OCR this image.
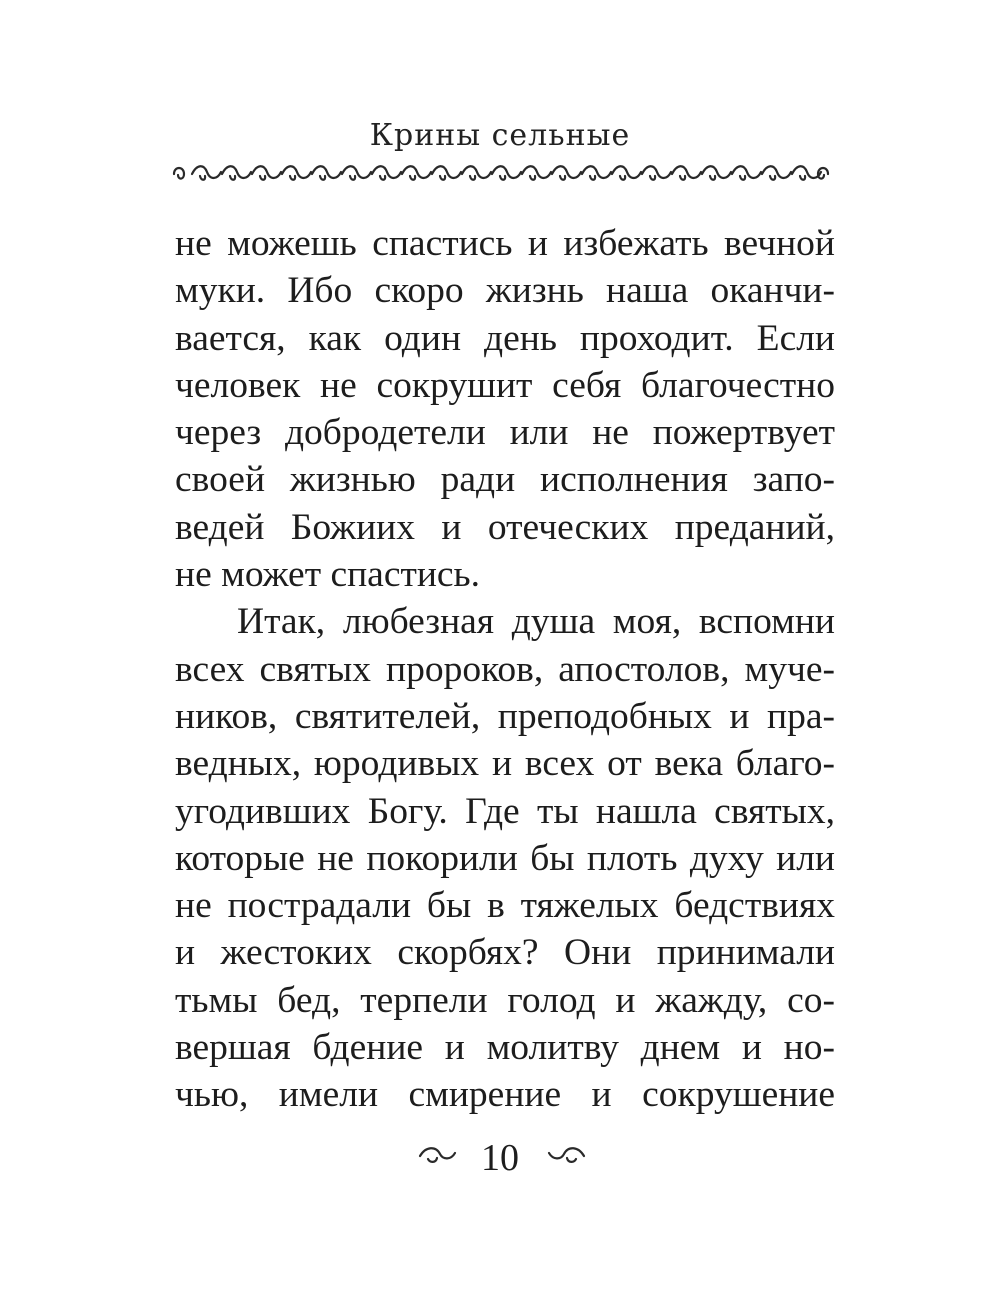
Крины сельные
не можешь спастись и избежать вечной
муки. Ибо скоро жизнь наша оканчи-
вается, как один день проходит. Если
человек не сокрушит себя благочестно
через добродетели или не пожертвует
своей жизнью ради исполнения запо-
ведей Божиих и отеческих преданий,
не может спастись.
Итак, любезная душа моя, вспомни
всех святых пророков, апостолов, муче-
ников, святителей, преподобных и пра-
ведных, юродивых и всех от века благо-
угодивших Богу. Где ты нашла святых,
которые не покорили бы плоть духу или
не пострадали бы в тяжелых бедствиях
и жестоких скорбях? Они принимали
тьмы бед, терпели голод и жажду, со-
вершая бдение и молитву днем и но-
чью, имели смирение и сокрушение
10
